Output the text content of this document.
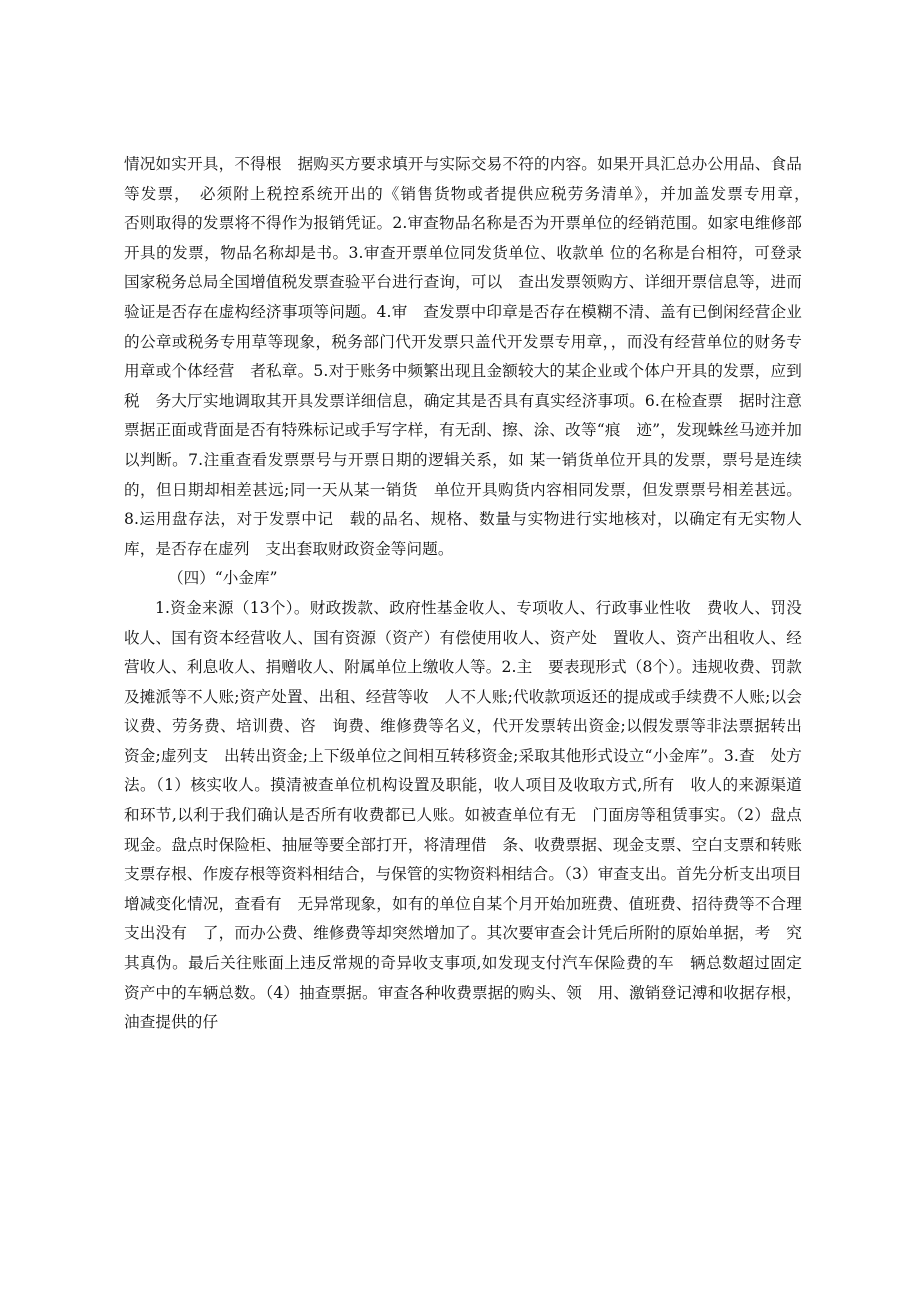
情况如实开具，不得根　据购买方要求填开与实际交易不符的内容。如果开具汇总办公用品、食品等发票，　必须附上税控系统开出的《销售货物或者提供应税劳务清单》，并加盖发票专用章，　　否则取得的发票将不得作为报销凭证。2.审查物品名称是否为开票单位的经销范围。如家电维修部开具的发票，物品名称却是书。3.审查开票单位同发货单位、收款单 位的名称是台相符，可登录国家税务总局全国增值税发票查验平台进行查询，可以　查出发票领购方、详细开票信息等，进而验证是否存在虚构经济事项等问题。4.审　查发票中印章是否存在模糊不清、盖有已倒闲经营企业的公章或税务专用草等现象，税务部门代开发票只盖代开发票专用章，，而没有经营单位的财务专用章或个体经营　者私章。5.对于账务中频繁出现且金额较大的某企业或个体户开具的发票，应到税　务大厅实地调取其开具发票详细信息，确定其是否具有真实经济事项。6.在检查票　据时注意票据正面或背面是否有特殊标记或手写字样，有无刮、擦、涂、改等“痕　迹”，发现蛛丝马迹并加以判断。7.注重查看发票票号与开票日期的逻辑关系，如 某一销货单位开具的发票，票号是连续的，但日期却相差甚远;同一天从某一销货　单位开具购货内容相同发票，但发票票号相差甚远。8.运用盘存法，对于发票中记　载的品名、规格、数量与实物进行实地核对，以确定有无实物人库，是否存在虚列　支出套取财政资金等问题。

（四）“小金库”

1.资金来源（13个）。财政拨款、政府性基金收人、专项收人、行政事业性收　费收人、罚没收人、国有资本经营收人、国有资源（资产）有偿使用收人、资产处　置收人、资产出租收人、经营收人、利息收人、捐赠收人、附属单位上缴收人等。2.主　要表现形式（8个）。违规收费、罚款及摊派等不人账;资产处置、出租、经营等收　人不人账;代收款项返还的提成或手续费不人账;以会议费、劳务费、培训费、咨　询费、维修费等名义，代开发票转出资金;以假发票等非法票据转出资金;虚列支　出转出资金;上下级单位之间相互转移资金;采取其他形式设立“小金库”。3.查　处方法。（1）核实收人。摸清被查单位机构设置及职能，收人项目及收取方式,所有　收人的来源渠道和环节,以利于我们确认是否所有收费都已人账。如被查单位有无　门面房等租赁事实。（2）盘点现金。盘点时保险柜、抽屉等要全部打开，将清理借　条、收费票据、现金支票、空白支票和转账支票存根、作废存根等资料相结合，与保管的实物资料相结合。（3）审查支出。首先分析支出项目增减变化情况，查看有　无异常现象，如有的单位自某个月开始加班费、值班费、招待费等不合理支出没有　了，而办公费、维修费等却突然增加了。其次要审查会计凭后所附的原始单据，考　究其真伪。最后关往账面上违反常规的奇异收支事项,如发现支付汽车保险费的车　辆总数超过固定资产中的车辆总数。（4）抽查票据。审查各种收费票据的购头、领　用、激销登记溥和收据存根，油查提供的仔
